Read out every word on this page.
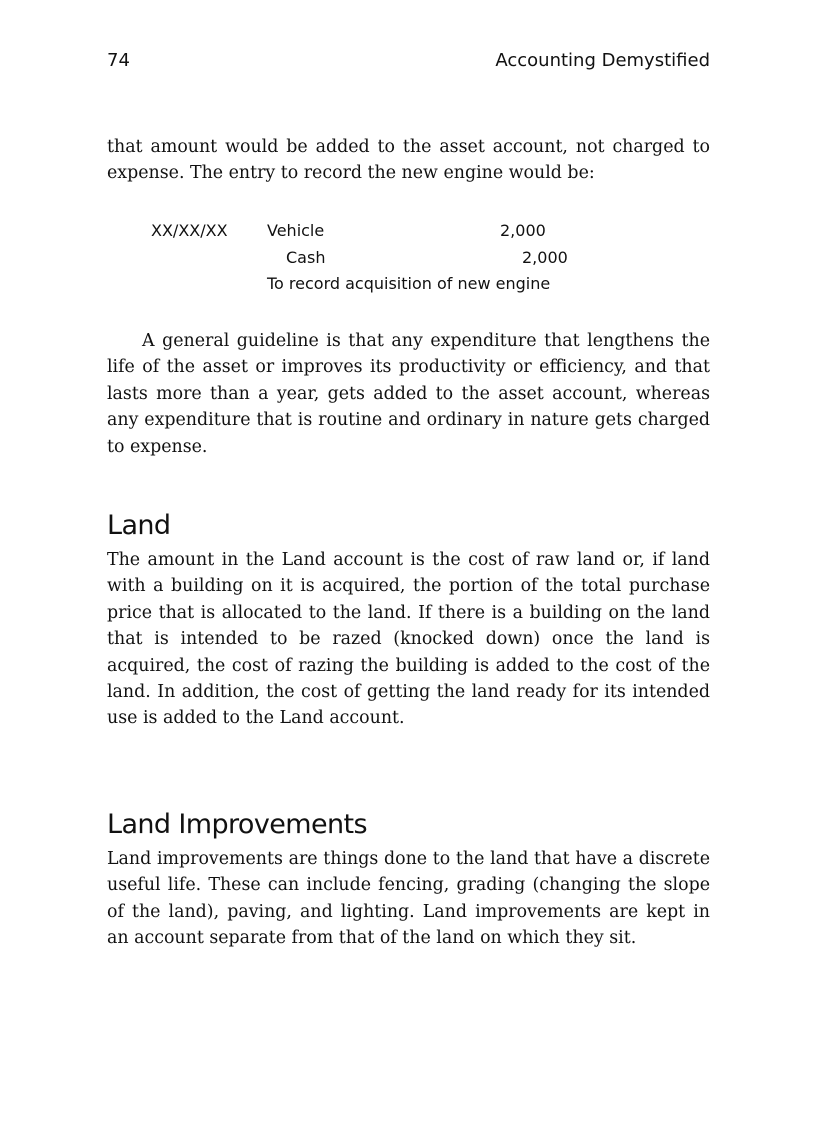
74	Accounting Demystified

that amount would be added to the asset account, not charged to expense. The entry to record the new engine would be:

XX/XX/XX Vehicle	2,000
Cash	2,000
To record acquisition of new engine

A general guideline is that any expenditure that lengthens the life of the asset or improves its productivity or efficiency, and that lasts more than a year, gets added to the asset account, whereas any expenditure that is routine and ordinary in nature gets charged to expense.

Land

The amount in the Land account is the cost of raw land or, if land with a building on it is acquired, the portion of the total purchase price that is allocated to the land. If there is a building on the land that is intended to be razed (knocked down) once the land is acquired, the cost of razing the building is added to the cost of the land. In addition, the cost of getting the land ready for its intended use is added to the Land account.

Land Improvements

Land improvements are things done to the land that have a discrete useful life. These can include fencing, grading (changing the slope of the land), paving, and lighting. Land improvements are kept in an account separate from that of the land on which they sit.
